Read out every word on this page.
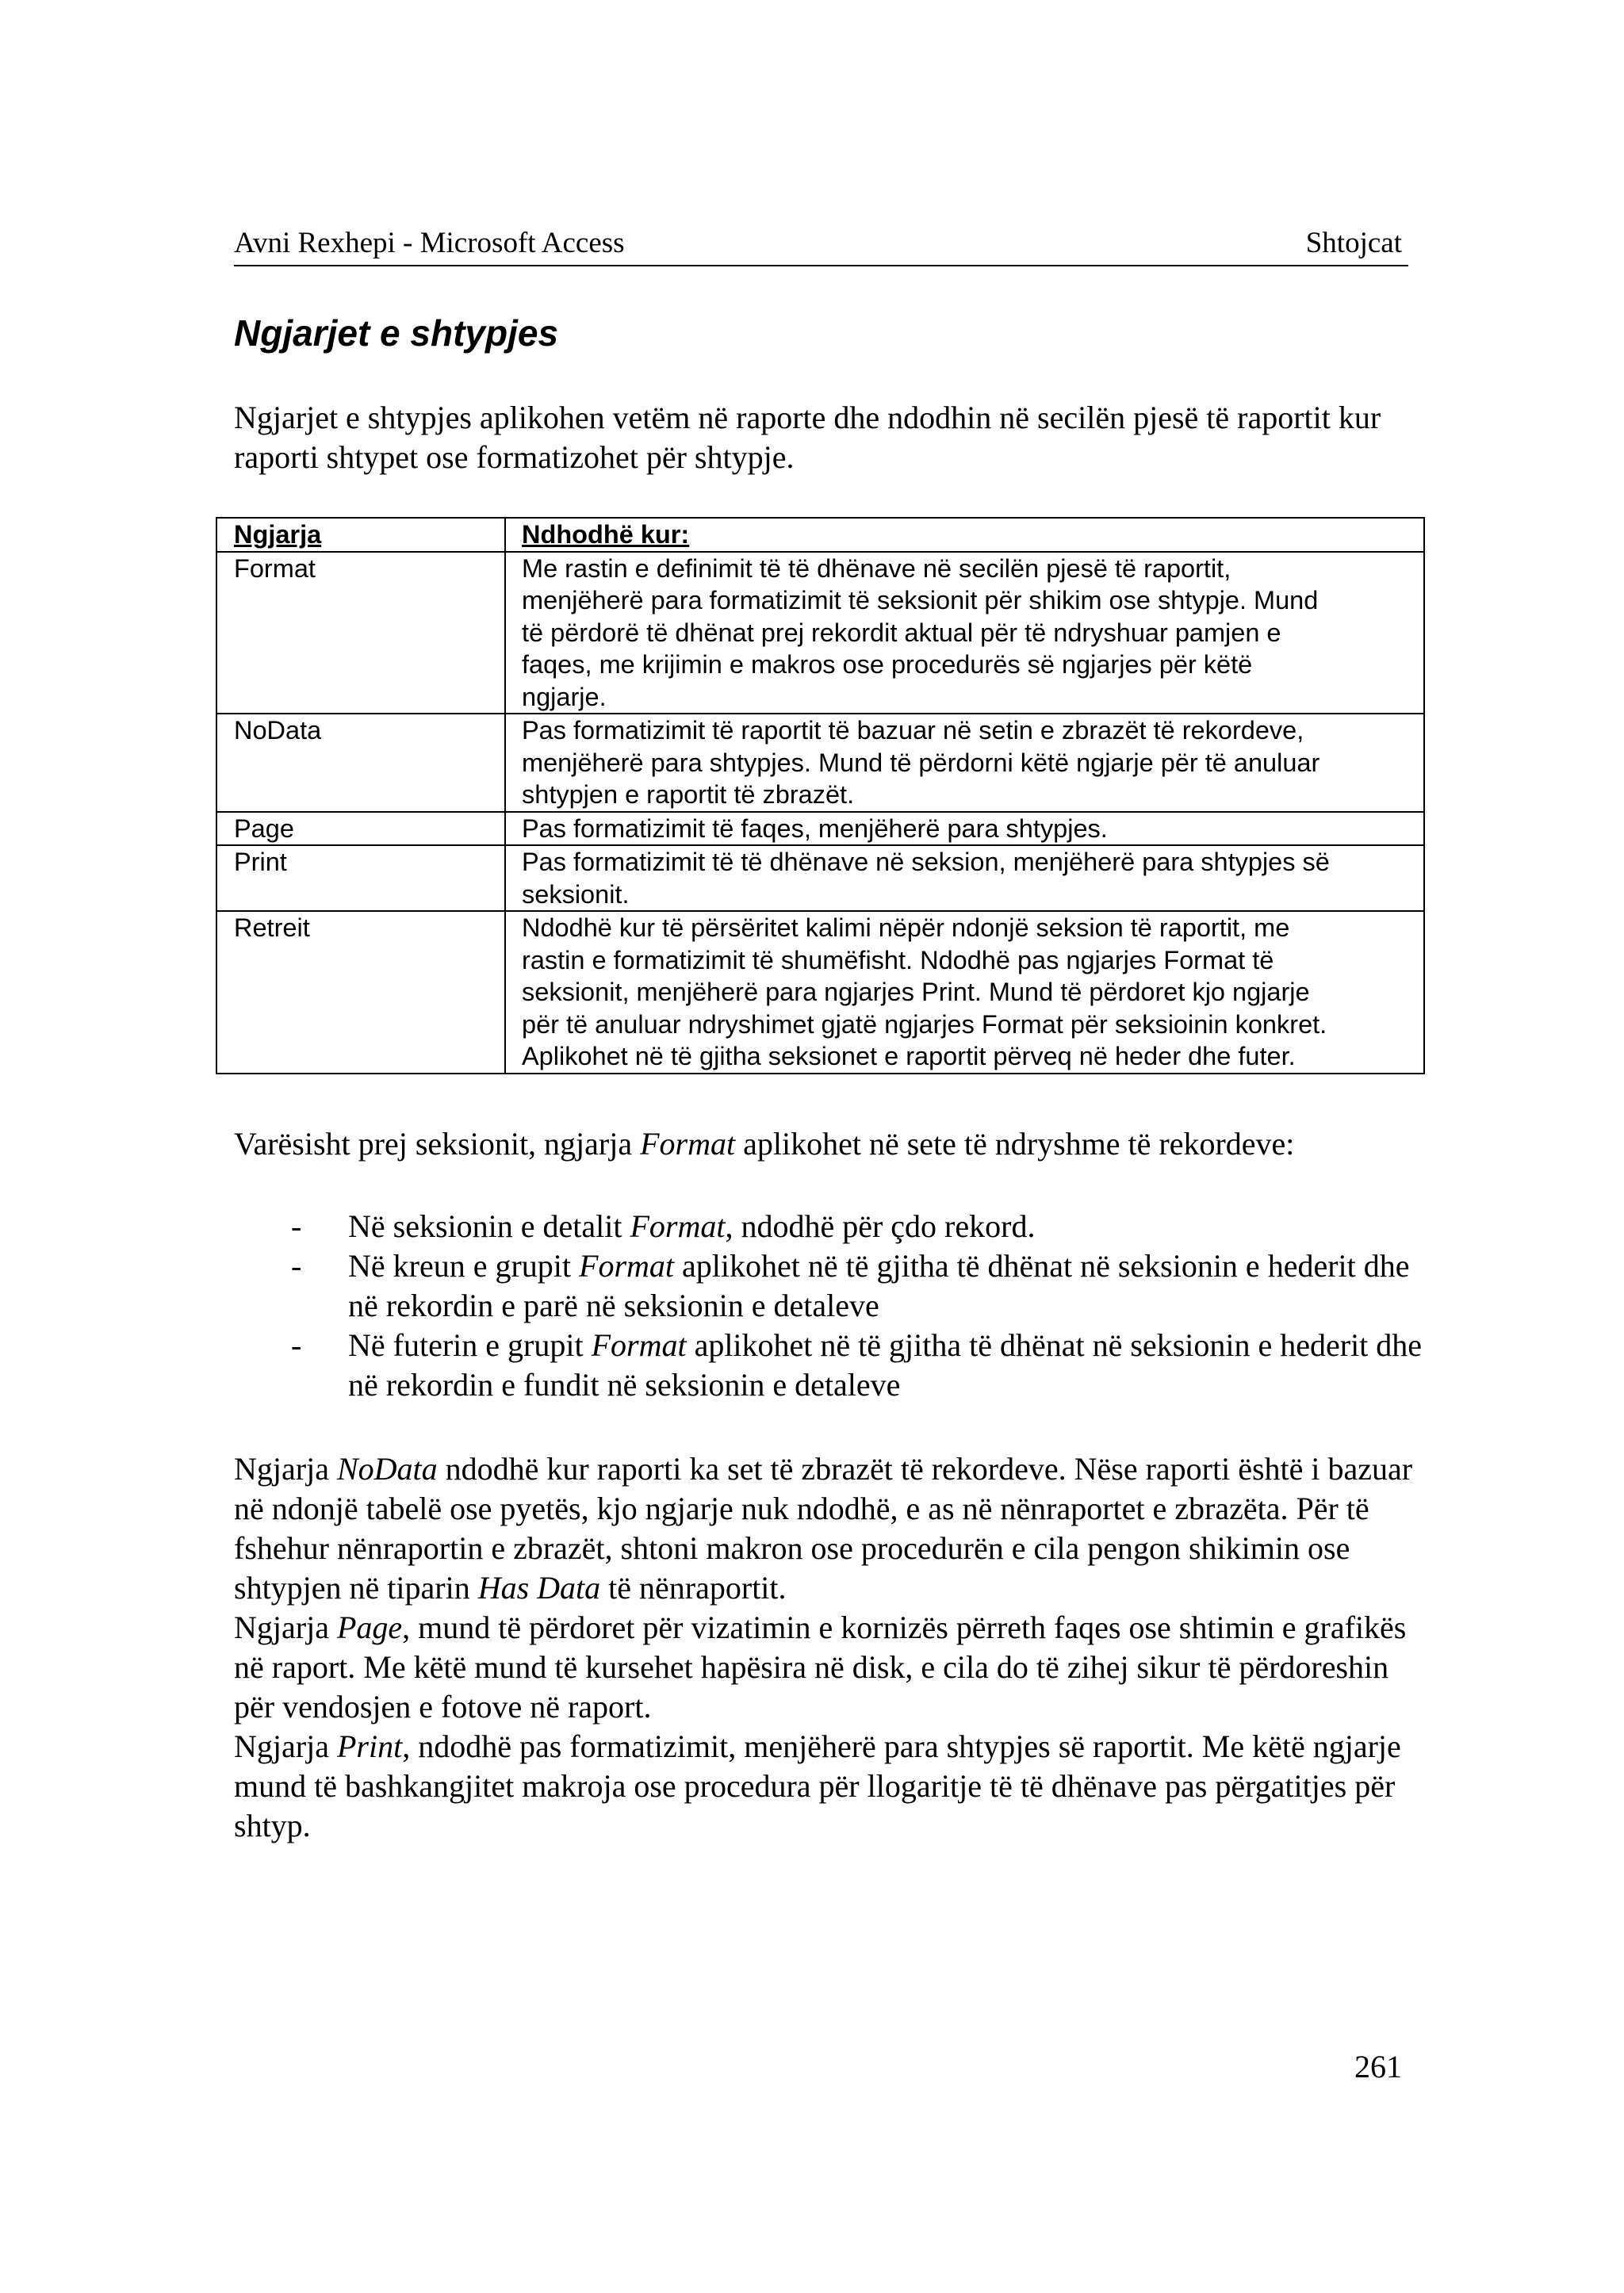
Avni Rexhepi - Microsoft Access	Shtojcat
Ngjarjet e shtypjes

Ngjarjet e shtypjes aplikohen vetëm në raporte dhe ndodhin në secilën pjesë të raportit kur raporti shtypet ose formatizohet për shtypje.

Ngjarja	Ndhodhë kur:
Format	Me rastin e definimit të të dhënave në secilën pjesë të raportit,
menjëherë para formatizimit të seksionit për shikim ose shtypje. Mund
të përdorë të dhënat prej rekordit aktual për të ndryshuar pamjen e
faqes, me krijimin e makros ose procedurës së ngjarjes për këtë
ngjarje.

NoData	Pas formatizimit të raportit të bazuar në setin e zbrazët të rekordeve,
menjëherë para shtypjes. Mund të përdorni këtë ngjarje për të anuluar
shtypjen e raportit të zbrazët.

Page	Pas formatizimit të faqes, menjëherë para shtypjes.

Print	Pas formatizimit të të dhënave në seksion, menjëherë para shtypjes së
seksionit.

Retreit	Ndodhë kur të përsëritet kalimi nëpër ndonjë seksion të raportit, me
rastin e formatizimit të shumëfisht. Ndodhë pas ngjarjes Format të
seksionit, menjëherë para ngjarjes Print. Mund të përdoret kjo ngjarje
për të anuluar ndryshimet gjatë ngjarjes Format për seksioinin konkret.
Aplikohet në të gjitha seksionet e raportit përveq në heder dhe futer.

Varësisht prej seksionit, ngjarja Format aplikohet në sete të ndryshme të rekordeve:

- Në seksionin e detalit Format, ndodhë për çdo rekord.
- Në kreun e grupit Format aplikohet në të gjitha të dhënat në seksionin e hederit dhe në rekordin e parë në seksionin e detaleve
- Në futerin e grupit Format aplikohet në të gjitha të dhënat në seksionin e hederit dhe në rekordin e fundit në seksionin e detaleve
Ngjarja NoData ndodhë kur raporti ka set të zbrazët të rekordeve. Nëse raporti është i bazuar në ndonjë tabelë ose pyetës, kjo ngjarje nuk ndodhë, e as në nënraportet e zbrazëta. Për të fshehur nënraportin e zbrazët, shtoni makron ose procedurën e cila pengon shikimin ose shtypjen në tiparin Has Data të nënraportit.
Ngjarja Page, mund të përdoret për vizatimin e kornizës përreth faqes ose shtimin e grafikës në raport. Me këtë mund të kursehet hapësira në disk, e cila do të zihej sikur të përdoreshin për vendosjen e fotove në raport.
Ngjarja Print, ndodhë pas formatizimit, menjëherë para shtypjes së raportit. Me këtë ngjarje mund të bashkangjitet makroja ose procedura për llogaritje të të dhënave pas përgatitjes për shtyp.
261
